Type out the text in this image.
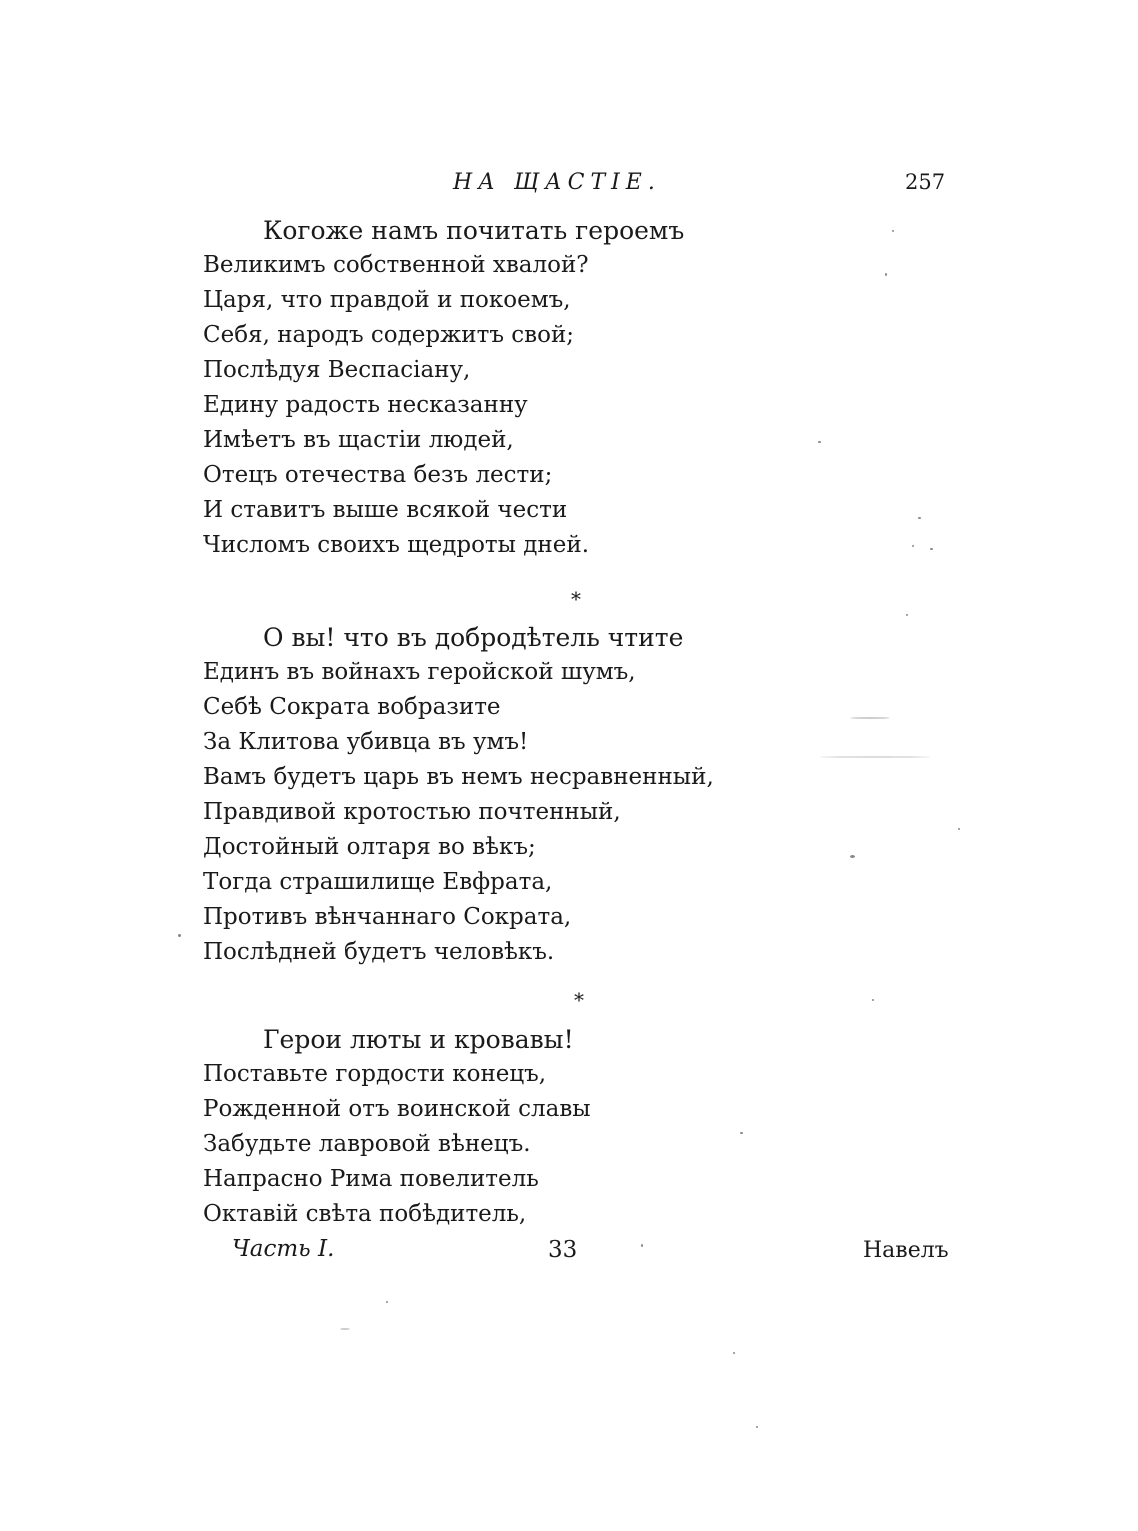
НА ЩАСТІЕ.	257
Когоже намъ почитать героемъ
Великимъ собственной хвалой?
Царя, что правдой и покоемъ,
Себя, народъ содержитъ свой;
Послѣдуя Веспасіану,
Едину радость несказанну
Имѣетъ въ щастіи людей,
Отецъ отечества безъ лести;
И ставитъ выше всякой чести
Числомъ своихъ щедроты дней.
*
О вы! что въ добродѣтель чтите
Единъ въ войнахъ геройской шумъ,
Себѣ Сократа вобразите
За Клитова убивца въ умъ!
Вамъ будетъ царь въ немъ несравненный,
Правдивой кротостью почтенный,
Достойный олтаря во вѣкъ;
Тогда страшилище Евфрата,
Противъ вѣнчаннаго Сократа,
Послѣдней будетъ человѣкъ.
*
Герои люты и кровавы!
Поставьте гордости конецъ,
Рожденной отъ воинской славы
Забудьте лавровой вѣнецъ.
Напрасно Рима повелитель
Октавій свѣта побѣдитель,
Часть I.	33	Навелъ
